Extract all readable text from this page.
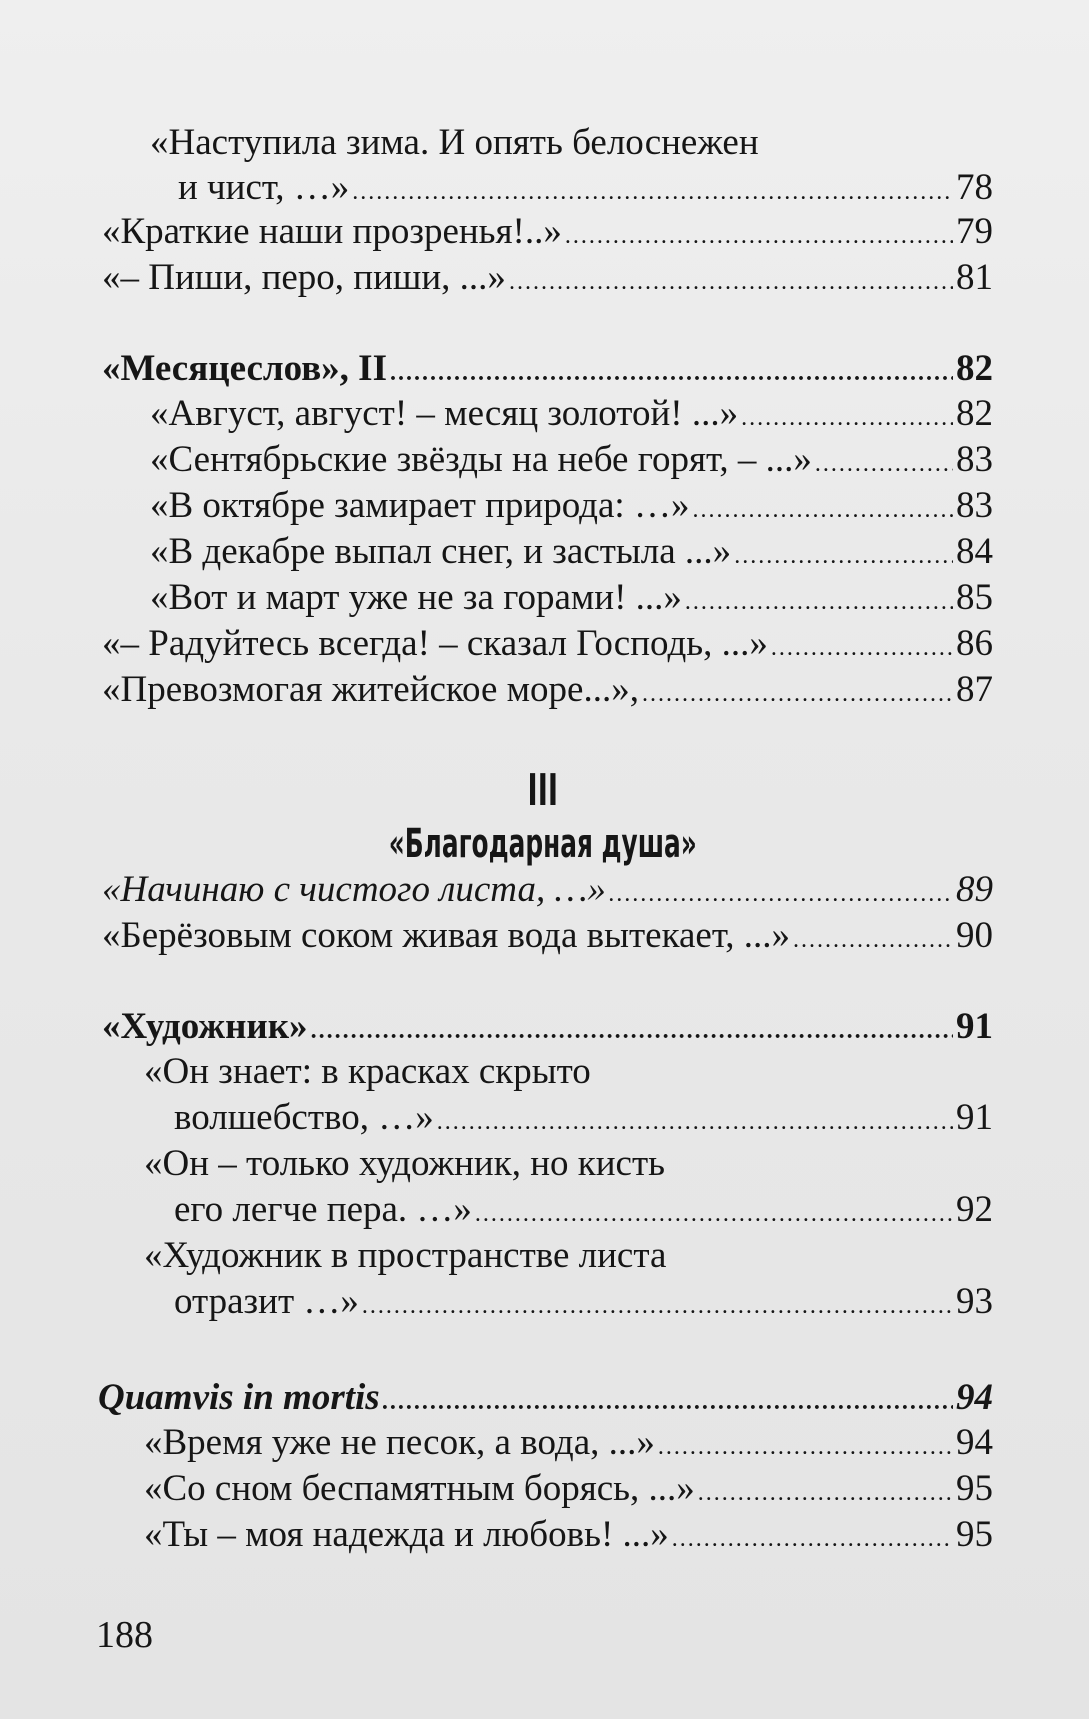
«Наступила зима. И опять белоснежен
и чист, …» .....	78
«Краткие наши прозренья!..» .....	79
«– Пиши, перо, пиши, ...» .....	81
«Месяцеслов», II .....	82
«Август, август! – месяц золотой! ...» .....	82
«Сентябрьские звёзды на небе горят, – ...» .....	83
«В октябре замирает природа: …» .....	83
«В декабре выпал снег, и застыла ...» .....	84
«Вот и март уже не за горами! ...» .....	85
«– Радуйтесь всегда! – сказал Господь, ...» .....	86
«Превозмогая житейское море...», .....	87
«Начинаю с чистого листа, …» .....	89
«Берёзовым соком живая вода вытекает, ...» .....	90
«Художник» .....	91
«Он знает: в красках скрыто
волшебство, …» .....	91
«Он – только художник, но кисть
его легче пера. …» .....	92
«Художник в пространстве листа
отразит …» .....	93
Quamvis in mortis .....	94
«Время уже не песок, а вода, ...» .....	94
«Со сном беспамятным борясь, ...» .....	95
«Ты – моя надежда и любовь! ...» .....	95
III
«Благодарная душа»
188
